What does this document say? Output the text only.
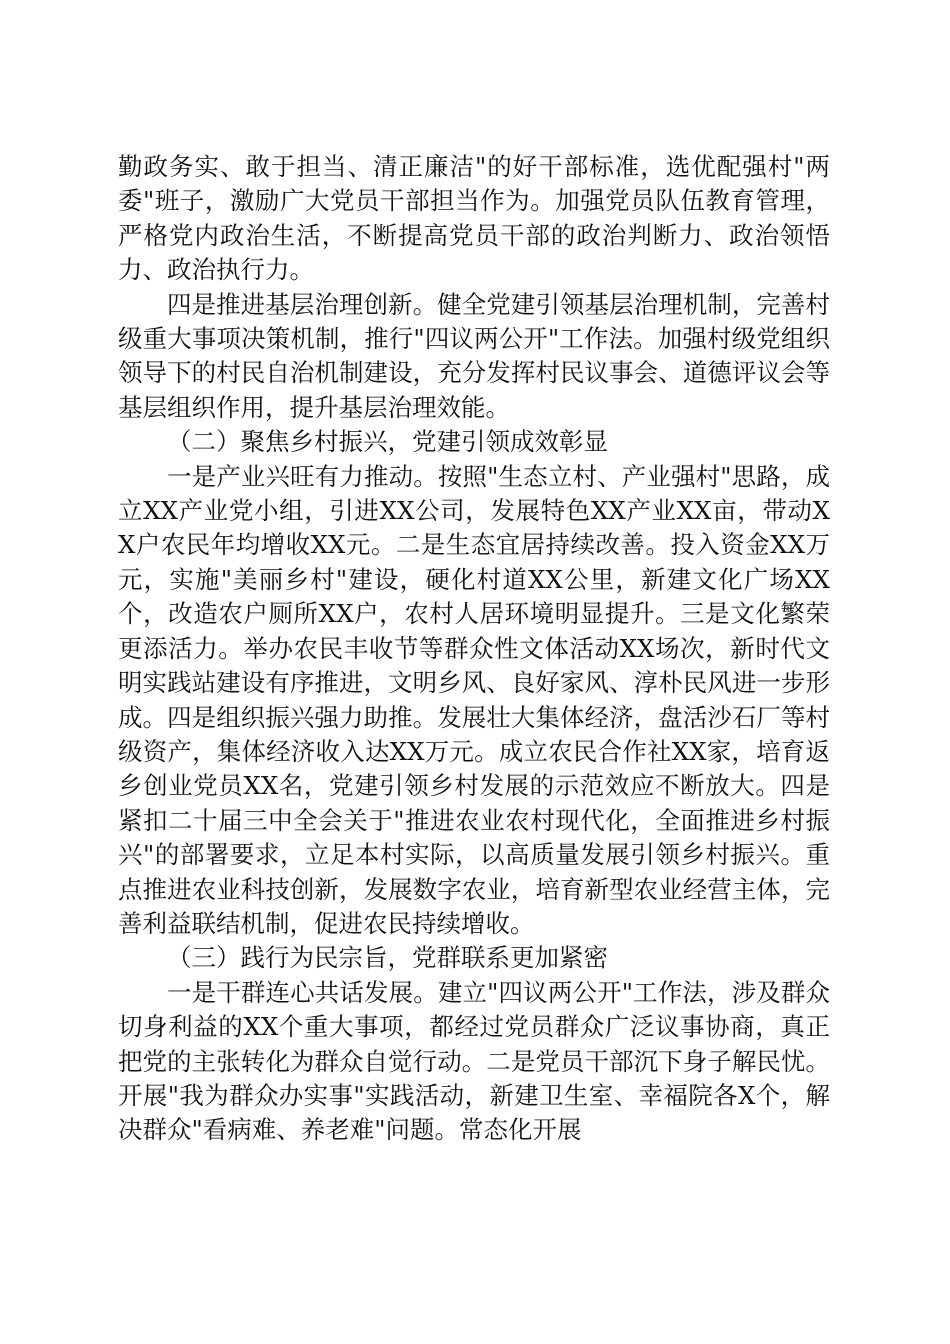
勤政务实、敢于担当、清正廉洁"的好干部标准，选优配强村"两委"班子，激励广大党员干部担当作为。加强党员队伍教育管理，严格党内政治生活，不断提高党员干部的政治判断力、政治领悟力、政治执行力。

四是推进基层治理创新。健全党建引领基层治理机制，完善村级重大事项决策机制，推行"四议两公开"工作法。加强村级党组织领导下的村民自治机制建设，充分发挥村民议事会、道德评议会等基层组织作用，提升基层治理效能。

（二）聚焦乡村振兴，党建引领成效彰显

一是产业兴旺有力推动。按照"生态立村、产业强村"思路，成立XX产业党小组，引进XX公司，发展特色XX产业XX亩，带动XX户农民年均增收XX元。二是生态宜居持续改善。投入资金XX万元，实施"美丽乡村"建设，硬化村道XX公里，新建文化广场XX个，改造农户厕所XX户，农村人居环境明显提升。三是文化繁荣更添活力。举办农民丰收节等群众性文体活动XX场次，新时代文明实践站建设有序推进，文明乡风、良好家风、淳朴民风进一步形成。四是组织振兴强力助推。发展壮大集体经济，盘活沙石厂等村级资产，集体经济收入达XX万元。成立农民合作社XX家，培育返乡创业党员XX名，党建引领乡村发展的示范效应不断放大。四是紧扣二十届三中全会关于"推进农业农村现代化，全面推进乡村振兴"的部署要求，立足本村实际，以高质量发展引领乡村振兴。重点推进农业科技创新，发展数字农业，培育新型农业经营主体，完善利益联结机制，促进农民持续增收。

（三）践行为民宗旨，党群联系更加紧密

一是干群连心共话发展。建立"四议两公开"工作法，涉及群众切身利益的XX个重大事项，都经过党员群众广泛议事协商，真正把党的主张转化为群众自觉行动。二是党员干部沉下身子解民忧。开展"我为群众办实事"实践活动，新建卫生室、幸福院各X个，解决群众"看病难、养老难"问题。常态化开展
